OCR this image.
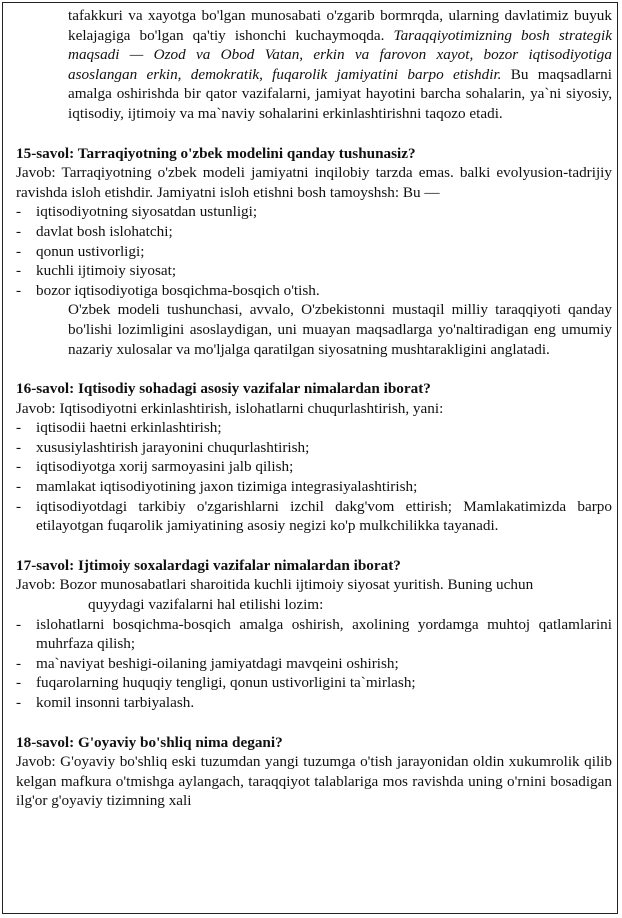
tafakkuri va xayotga bo'lgan munosabati o'zgarib bormrqda, ularning davlatimiz buyuk kelajagiga bo'lgan qa'tiy ishonchi kuchaymoqda. Taraqqiyotimizning bosh strategik maqsadi — Ozod va Obod Vatan, erkin va farovon xayot, bozor iqtisodiyotiga asoslangan erkin, demokratik, fuqarolik jamiyatini barpo etishdir. Bu maqsadlarni amalga oshirishda bir qator vazifalarni, jamiyat hayotini barcha sohalarin, ya`ni siyosiy, iqtisodiy, ijtimoiy va ma`naviy sohalarini erkinlashtirishni taqozo etadi.

15-savol: Tarraqiyotning o'zbek modelini qanday tushunasiz?

Javob: Tarraqiyotning o'zbek modeli jamiyatni inqilobiy tarzda emas. balki evolyusion-tadrijiy ravishda isloh etishdir. Jamiyatni isloh etishni bosh tamoyshsh: Bu —

- iqtisodiyotning siyosatdan ustunligi;
- davlat bosh islohatchi;
- qonun ustivorligi;
- kuchli ijtimoiy siyosat;
- bozor iqtisodiyotiga bosqichma-bosqich o'tish.

O'zbek modeli tushunchasi, avvalo, O'zbekistonni mustaqil milliy taraqqiyoti qanday bo'lishi lozimligini asoslaydigan, uni muayan maqsadlarga yo'naltiradigan eng umumiy nazariy xulosalar va mo'ljalga qaratilgan siyosatning mushtarakligini anglatadi.

16-savol: Iqtisodiy sohadagi asosiy vazifalar nimalardan iborat?

Javob: Iqtisodiyotni erkinlashtirish, islohatlarni chuqurlashtirish, yani:

- iqtisodii haetni erkinlashtirish;
- xususiylashtirish jarayonini chuqurlashtirish;
- iqtisodiyotga xorij sarmoyasini jalb qilish;
- mamlakat iqtisodiyotining jaxon tizimiga integrasiyalashtirish;
- iqtisodiyotdagi tarkibiy o'zgarishlarni izchil dakg'vom ettirish; Mamlakatimizda barpo etilayotgan fuqarolik jamiyatining asosiy negizi ko'p mulkchilikka tayanadi.

17-savol: Ijtimoiy soxalardagi vazifalar nimalardan iborat?

Javob: Bozor munosabatlari sharoitida kuchli ijtimoiy siyosat yuritish. Buning uchun

quyydagi vazifalarni hal etilishi lozim:

- islohatlarni bosqichma-bosqich amalga oshirish, axolining yordamga muhtoj qatlamlarini muhrfaza qilish;
- ma`naviyat beshigi-oilaning jamiyatdagi mavqeini oshirish;
- fuqarolarning huquqiy tengligi, qonun ustivorligini ta`mirlash;
- komil insonni tarbiyalash.

18-savol: G'oyaviy bo'shliq nima degani?

Javob: G'oyaviy bo'shliq eski tuzumdan yangi tuzumga o'tish jarayonidan oldin xukumrolik qilib kelgan mafkura o'tmishga aylangach, taraqqiyot talablariga mos ravishda uning o'rnini bosadigan ilg'or g'oyaviy tizimning xali
